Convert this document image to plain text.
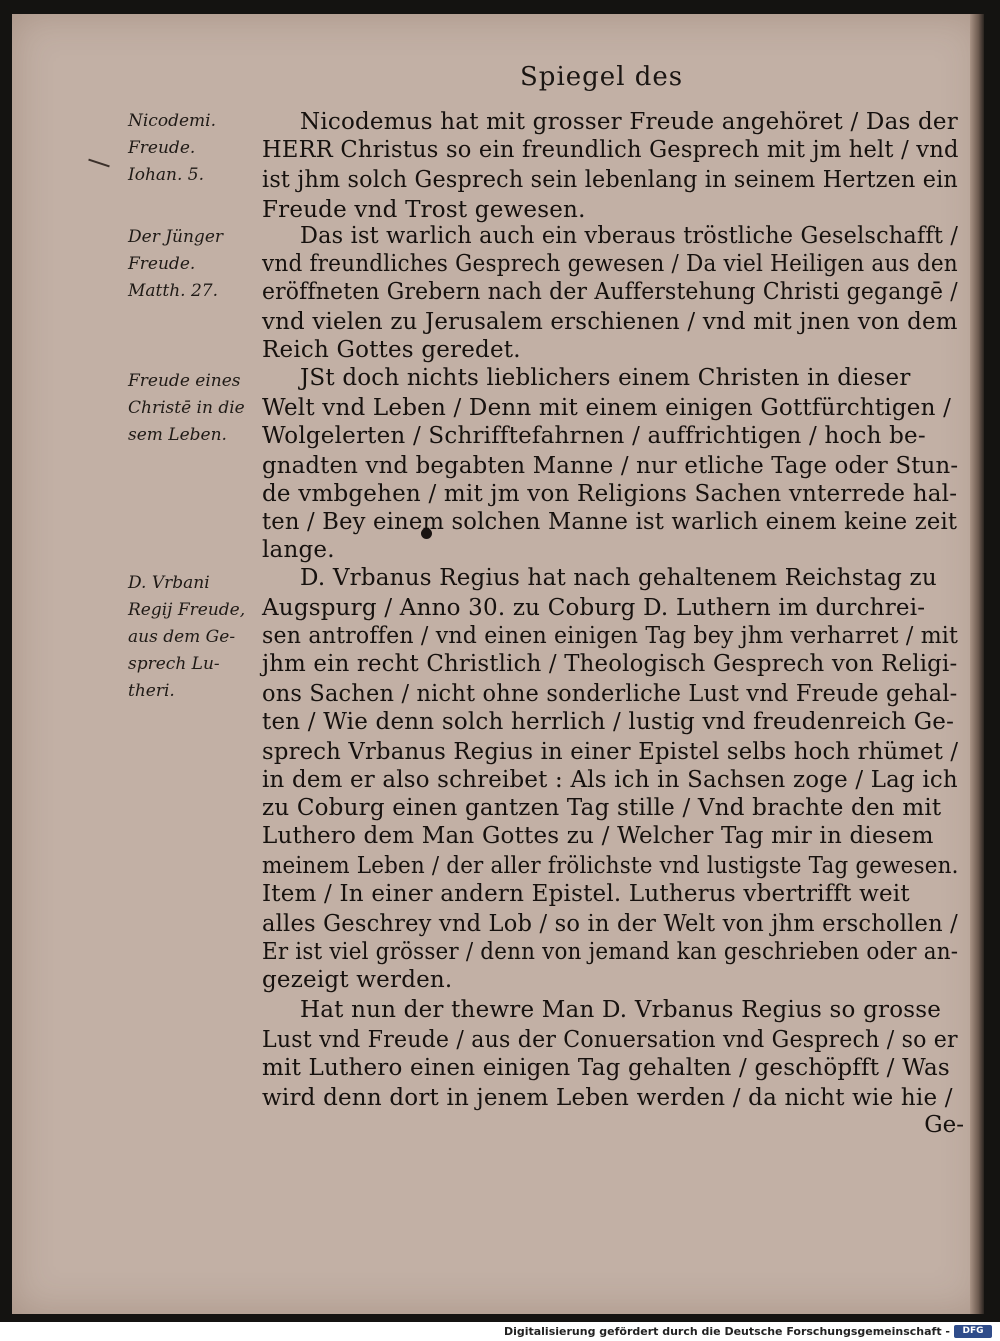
Spiegel des
Nicodemi.
Freude.
Iohan. 5.
Der Jünger
Freude.
Matth. 27.
Freude eines
Christē in die
sem Leben.
D. Vrbani
Regij Freude,
aus dem Ge-
sprech Lu-
theri.
Nicodemus hat mit grosser Freude angehöret / Das der
HERR Christus so ein freundlich Gesprech mit jm helt / vnd
ist jhm solch Gesprech sein lebenlang in seinem Hertzen ein
Freude vnd Trost gewesen.
Das ist warlich auch ein vberaus tröstliche Geselschafft /
vnd freundliches Gesprech gewesen / Da viel Heiligen aus den
eröffneten Grebern nach der Aufferstehung Christi gegangē /
vnd vielen zu Jerusalem erschienen / vnd mit jnen von dem
Reich Gottes geredet.
JSt doch nichts lieblichers einem Christen in dieser
Welt vnd Leben / Denn mit einem einigen Gottfürchtigen /
Wolgelerten / Schrifftefahrnen / auffrichtigen / hoch be-
gnadten vnd begabten Manne / nur etliche Tage oder Stun-
de vmbgehen / mit jm von Religions Sachen vnterrede hal-
ten / Bey einem solchen Manne ist warlich einem keine zeit
lange.
D. Vrbanus Regius hat nach gehaltenem Reichstag zu
Augspurg / Anno 30. zu Coburg D. Luthern im durchrei-
sen antroffen / vnd einen einigen Tag bey jhm verharret / mit
jhm ein recht Christlich / Theologisch Gesprech von Religi-
ons Sachen / nicht ohne sonderliche Lust vnd Freude gehal-
ten / Wie denn solch herrlich / lustig vnd freudenreich Ge-
sprech Vrbanus Regius in einer Epistel selbs hoch rhümet /
in dem er also schreibet : Als ich in Sachsen zoge / Lag ich
zu Coburg einen gantzen Tag stille / Vnd brachte den mit
Luthero dem Man Gottes zu / Welcher Tag mir in diesem
meinem Leben / der aller frölichste vnd lustigste Tag gewesen.
Item / In einer andern Epistel. Lutherus vbertrifft weit
alles Geschrey vnd Lob / so in der Welt von jhm erschollen /
Er ist viel grösser / denn von jemand kan geschrieben oder an-
gezeigt werden.
Hat nun der thewre Man D. Vrbanus Regius so grosse
Lust vnd Freude / aus der Conuersation vnd Gesprech / so er
mit Luthero einen einigen Tag gehalten / geschöpfft / Was
wird denn dort in jenem Leben werden / da nicht wie hie /
Ge-
Digitalisierung gefördert durch die Deutsche Forschungsgemeinschaft -	DFG
